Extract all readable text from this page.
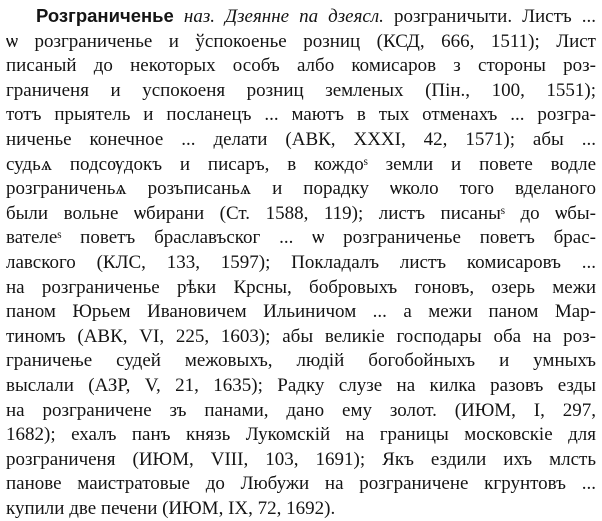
Розграниченье наз. Дзеянне па дзеясл. розграничыти. Листъ ...
ѡ розграниченье и ўспокоенье розниц (КСД, 666, 1511); Лист
писаный до некоторых особъ албо комисаров з стороны роз-
граниченя и успокоеня розниц земленых (Пін., 100, 1551);
тотъ прыятель и посланецъ ... маютъ в тых отменахъ ... розгра-
ниченье конечное ... делати (АВК, XXXI, 42, 1571); абы ...
судьѧ подсѹдокъ и писаръ, в кождоˢ земли и повете водле
розграниченьѧ розъписаньѧ и порадку ѡколо того вделаного
были вольне ѡбирани (Ст. 1588, 119); листъ писаныˢ до ѡбы-
вателеˢ поветъ браславъског ... ѡ розграниченье поветъ брас-
лавского (КЛС, 133, 1597); Покладалъ листъ комисаровъ ...
на розграниченье рѣки Крсны, бобровыхъ гоновъ, озерь межи
паном Юрьем Ивановичем Ильиничом ... а межи паном Мар-
тиномъ (АВК, VI, 225, 1603); абы великіе господары оба на роз-
граничење судей межовыхъ, людій богобойныхъ и умныхъ
выслали (АЗР, V, 21, 1635); Радку слузе на килка разовъ езды
на розграничене зъ панами, дано ему золот. (ИЮМ, I, 297,
1682); ехалъ панъ князь Лукомскій на границы московскіе для
розграниченя (ИЮМ, VIII, 103, 1691); Якъ ездили ихъ млсть
панове маистратовые до Любужи на розграничене кгрунтовъ ...
купили две печени (ИЮМ, IX, 72, 1692).
